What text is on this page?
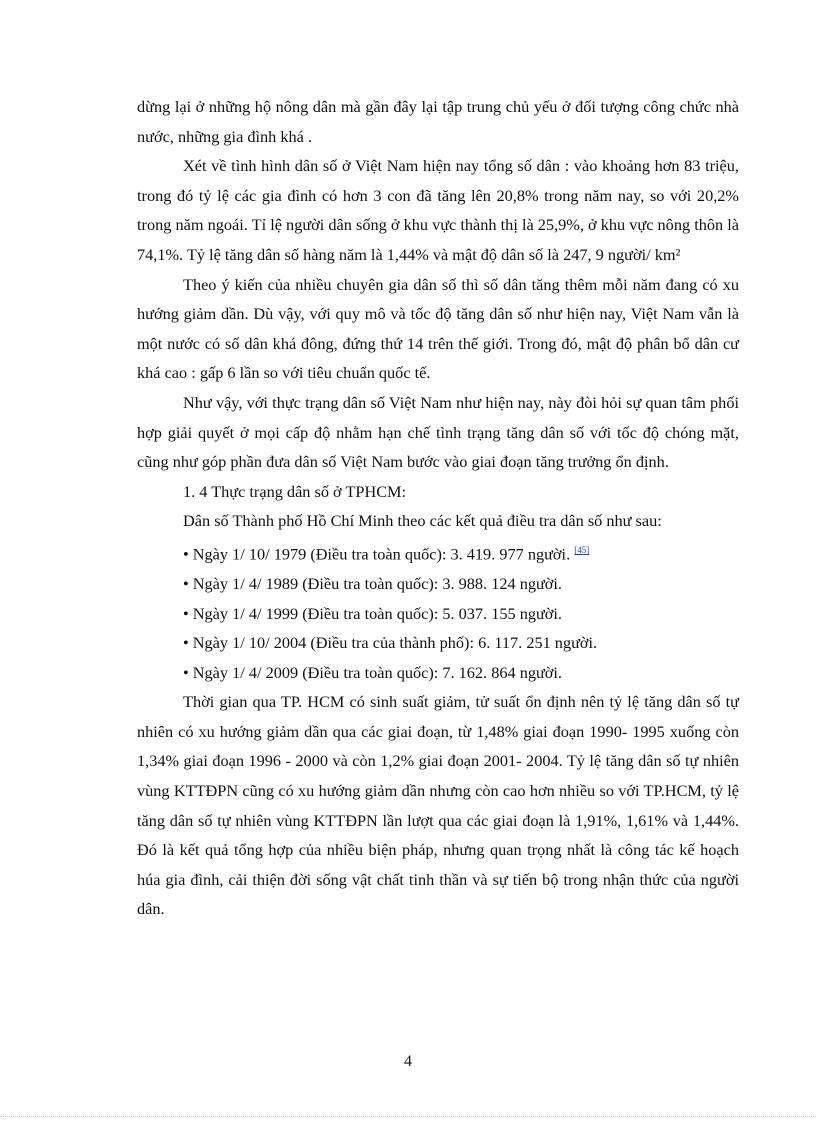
dừng lại ở những hộ nông dân mà gần đây lại tập trung chủ yếu ở đối tượng công chức nhà nước, những gia đình khá .

Xét về tình hình dân số ở Việt Nam hiện nay tổng số dân : vào khoảng hơn 83 triệu, trong đó tỷ lệ các gia đình có hơn 3 con đã tăng lên 20,8% trong năm nay, so với 20,2% trong năm ngoái. Tỉ lệ người dân sống ở khu vực thành thị là 25,9%, ở khu vực nông thôn là 74,1%. Tỷ lệ tăng dân số hàng năm là 1,44% và mật độ dân số là 247, 9 người/ km²

Theo ý kiến của nhiều chuyên gia dân số thì số dân tăng thêm mỗi năm đang có xu hướng giảm dần. Dù vậy, với quy mô và tốc độ tăng dân số như hiện nay, Việt Nam vẫn là một nước có số dân khá đông, đứng thứ 14 trên thế giới. Trong đó, mật độ phân bổ dân cư khá cao : gấp 6 lần so với tiêu chuẩn quốc tế.

Như vậy, với thực trạng dân số Việt Nam như hiện nay, này đòi hỏi sự quan tâm phối hợp giải quyết ở mọi cấp độ nhằm hạn chế tình trạng tăng dân số với tốc độ chóng mặt, cũng như góp phần đưa dân số Việt Nam bước vào giai đoạn tăng trưởng ổn định.

1. 4 Thực trạng dân số ở TPHCM:

Dân số Thành phố Hồ Chí Minh theo các kết quả điều tra dân số như sau:

• Ngày 1/ 10/ 1979 (Điều tra toàn quốc): 3. 419. 977 người. [45]

• Ngày 1/ 4/ 1989 (Điều tra toàn quốc): 3. 988. 124 người.

• Ngày 1/ 4/ 1999 (Điều tra toàn quốc): 5. 037. 155 người.

• Ngày 1/ 10/ 2004 (Điều tra của thành phố): 6. 117. 251 người.

• Ngày 1/ 4/ 2009 (Điều tra toàn quốc): 7. 162. 864 người.

Thời gian qua TP. HCM có sinh suất giảm, tử suất ổn định nên tỷ lệ tăng dân số tự nhiên có xu hướng giảm dần qua các giai đoạn, từ 1,48% giai đoạn 1990- 1995 xuống còn 1,34% giai đoạn 1996 - 2000 và còn 1,2% giai đoạn 2001- 2004. Tỷ lệ tăng dân số tự nhiên vùng KTTĐPN cũng có xu hướng giảm dần nhưng còn cao hơn nhiều so với TP.HCM, tỷ lệ tăng dân số tự nhiên vùng KTTĐPN lần lượt qua các giai đoạn là 1,91%, 1,61% và 1,44%. Đó là kết quả tổng hợp của nhiều biện pháp, nhưng quan trọng nhất là công tác kế hoạch húa gia đình, cải thiện đời sống vật chất tinh thần và sự tiến bộ trong nhận thức của người dân.

4
